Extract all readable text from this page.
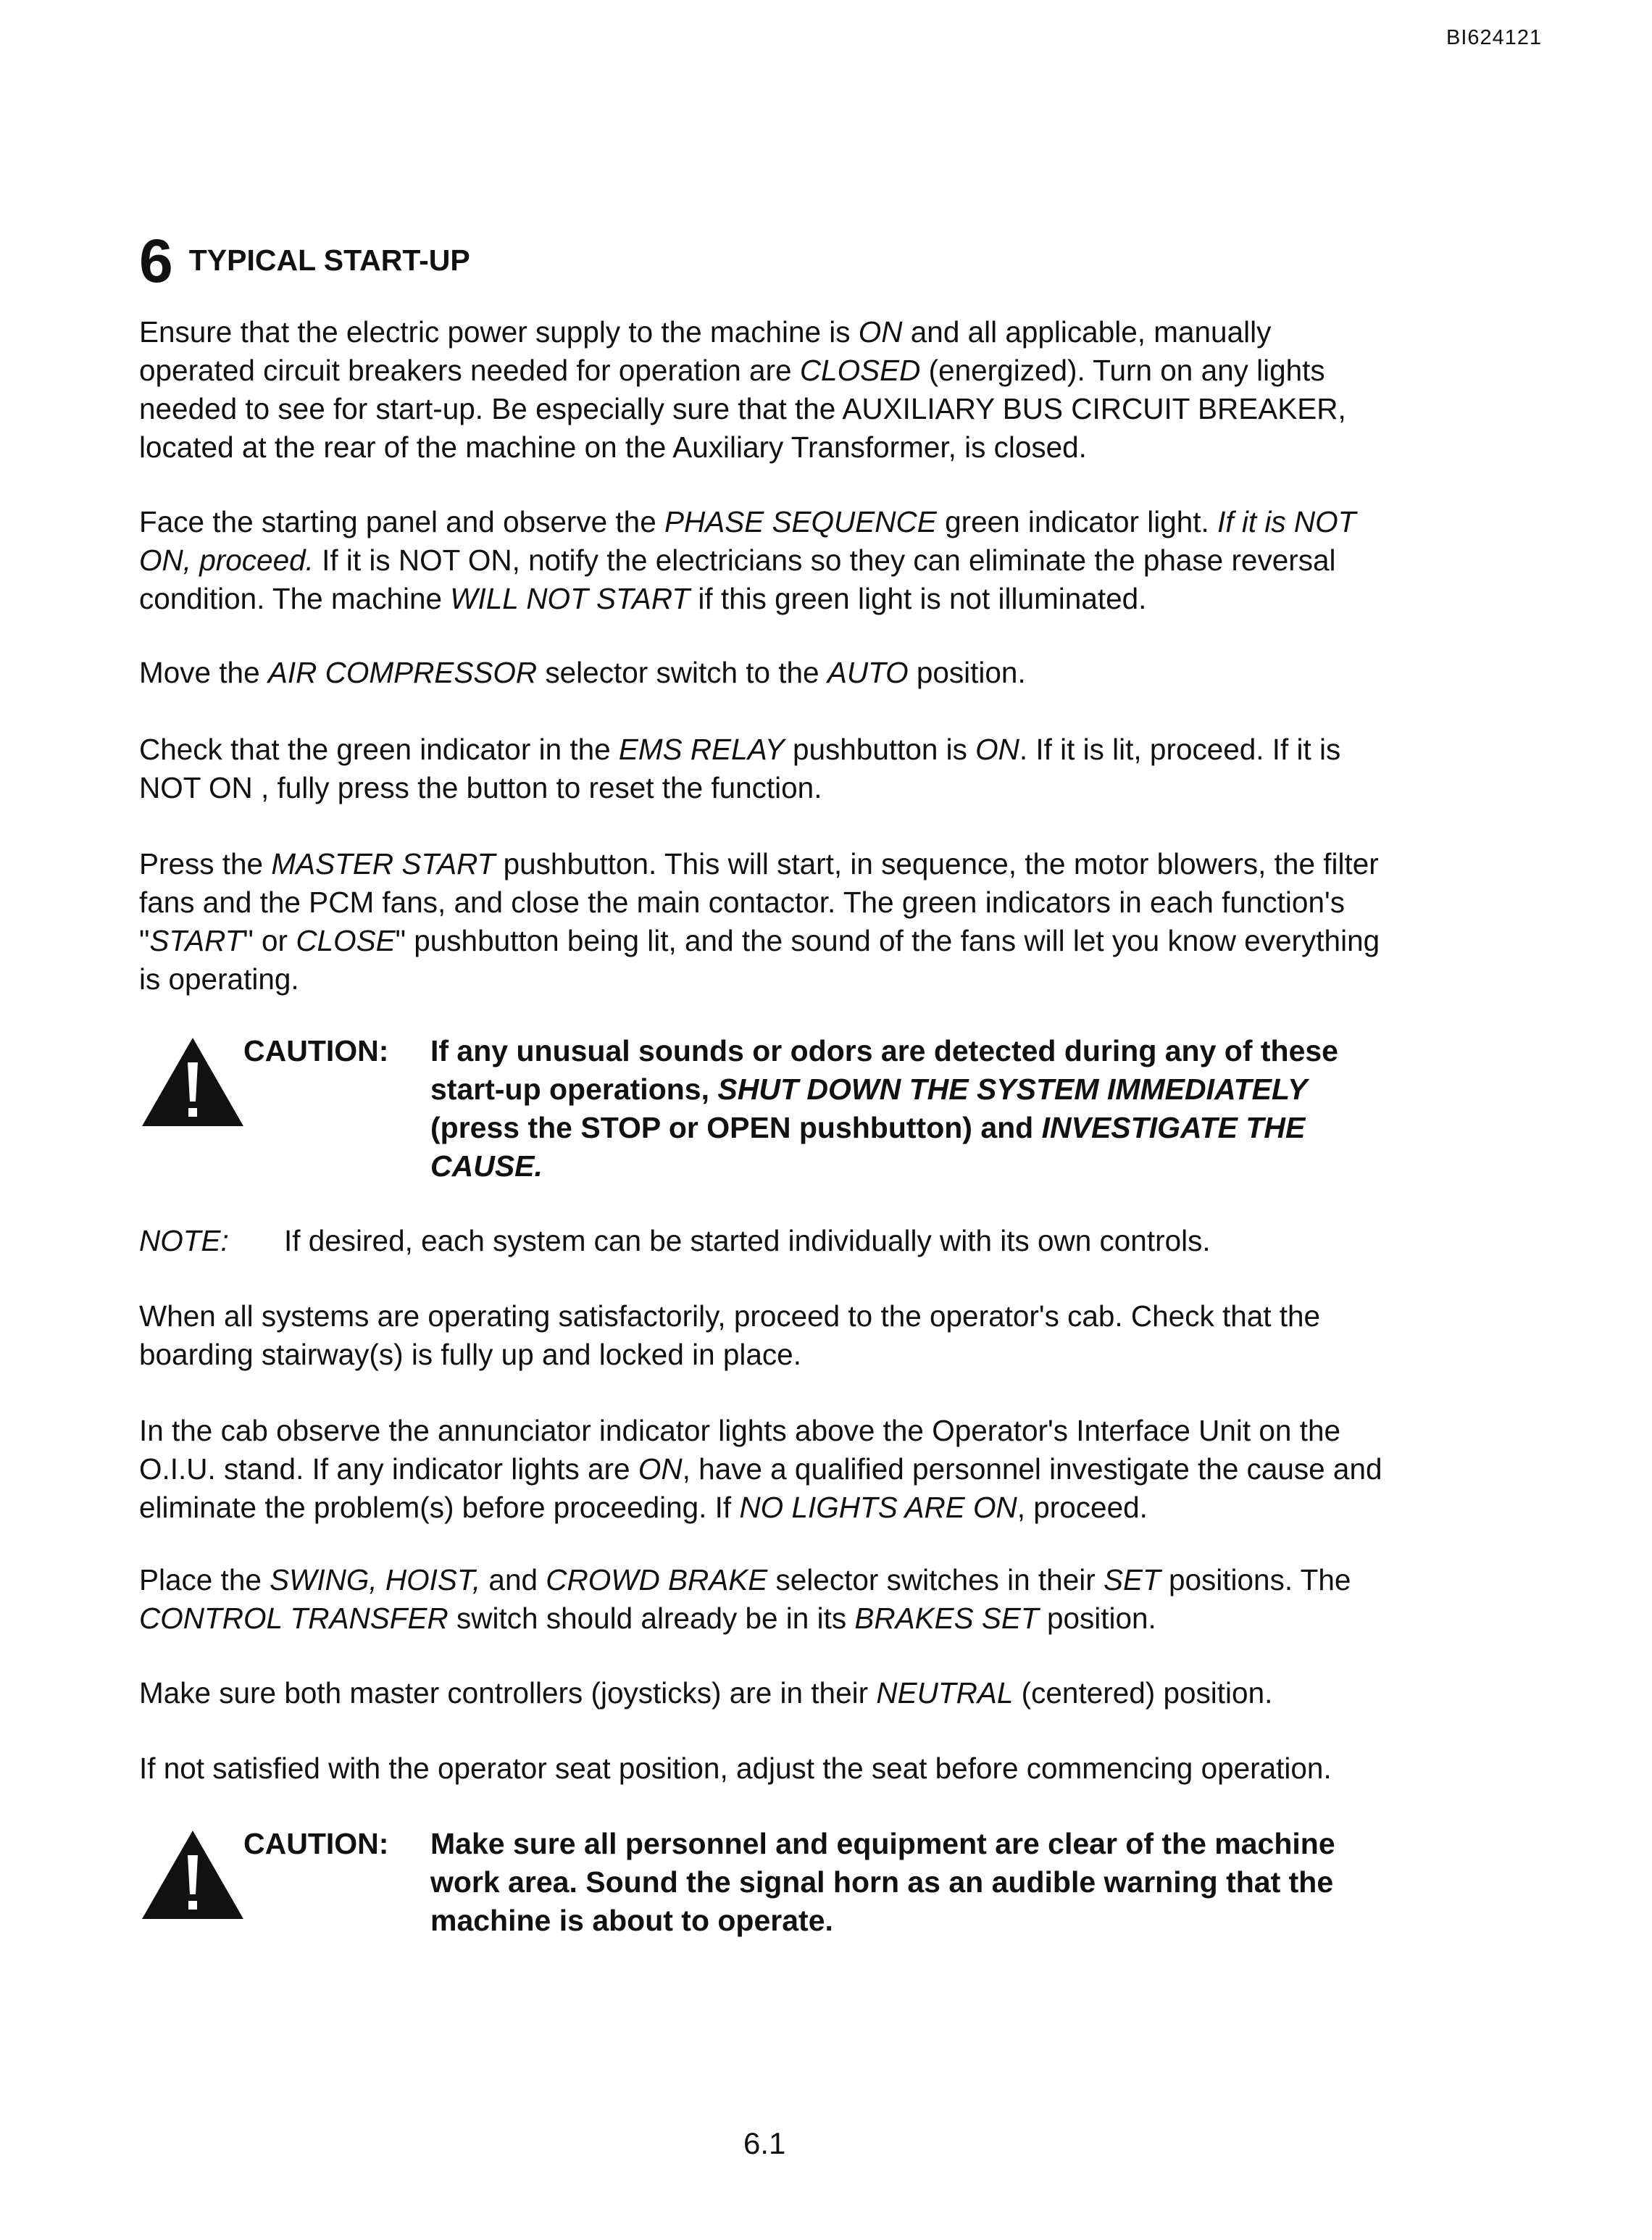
BI624121
6 TYPICAL START-UP

Ensure that the electric power supply to the machine is ON and all applicable, manually operated circuit breakers needed for operation are CLOSED (energized). Turn on any lights needed to see for start-up. Be especially sure that the AUXILIARY BUS CIRCUIT BREAKER, located at the rear of the machine on the Auxiliary Transformer, is closed.

Face the starting panel and observe the PHASE SEQUENCE green indicator light. If it is NOT ON, proceed. If it is NOT ON, notify the electricians so they can eliminate the phase reversal condition. The machine WILL NOT START if this green light is not illuminated.

Move the AIR COMPRESSOR selector switch to the AUTO position.

Check that the green indicator in the EMS RELAY pushbutton is ON. If it is lit, proceed. If it is NOT ON , fully press the button to reset the function.

Press the MASTER START pushbutton. This will start, in sequence, the motor blowers, the filter fans and the PCM fans, and close the main contactor. The green indicators in each function's "START" or CLOSE" pushbutton being lit, and the sound of the fans will let you know everything is operating.

CAUTION: If any unusual sounds or odors are detected during any of these start-up operations, SHUT DOWN THE SYSTEM IMMEDIATELY (press the STOP or OPEN pushbutton) and INVESTIGATE THE CAUSE.

NOTE: If desired, each system can be started individually with its own controls.

When all systems are operating satisfactorily, proceed to the operator's cab. Check that the boarding stairway(s) is fully up and locked in place.

In the cab observe the annunciator indicator lights above the Operator's Interface Unit on the O.I.U. stand. If any indicator lights are ON, have a qualified personnel investigate the cause and eliminate the problem(s) before proceeding. If NO LIGHTS ARE ON, proceed.

Place the SWING, HOIST, and CROWD BRAKE selector switches in their SET positions. The CONTROL TRANSFER switch should already be in its BRAKES SET position.

Make sure both master controllers (joysticks) are in their NEUTRAL (centered) position.

If not satisfied with the operator seat position, adjust the seat before commencing operation.

CAUTION: Make sure all personnel and equipment are clear of the machine work area. Sound the signal horn as an audible warning that the machine is about to operate.

6.1
